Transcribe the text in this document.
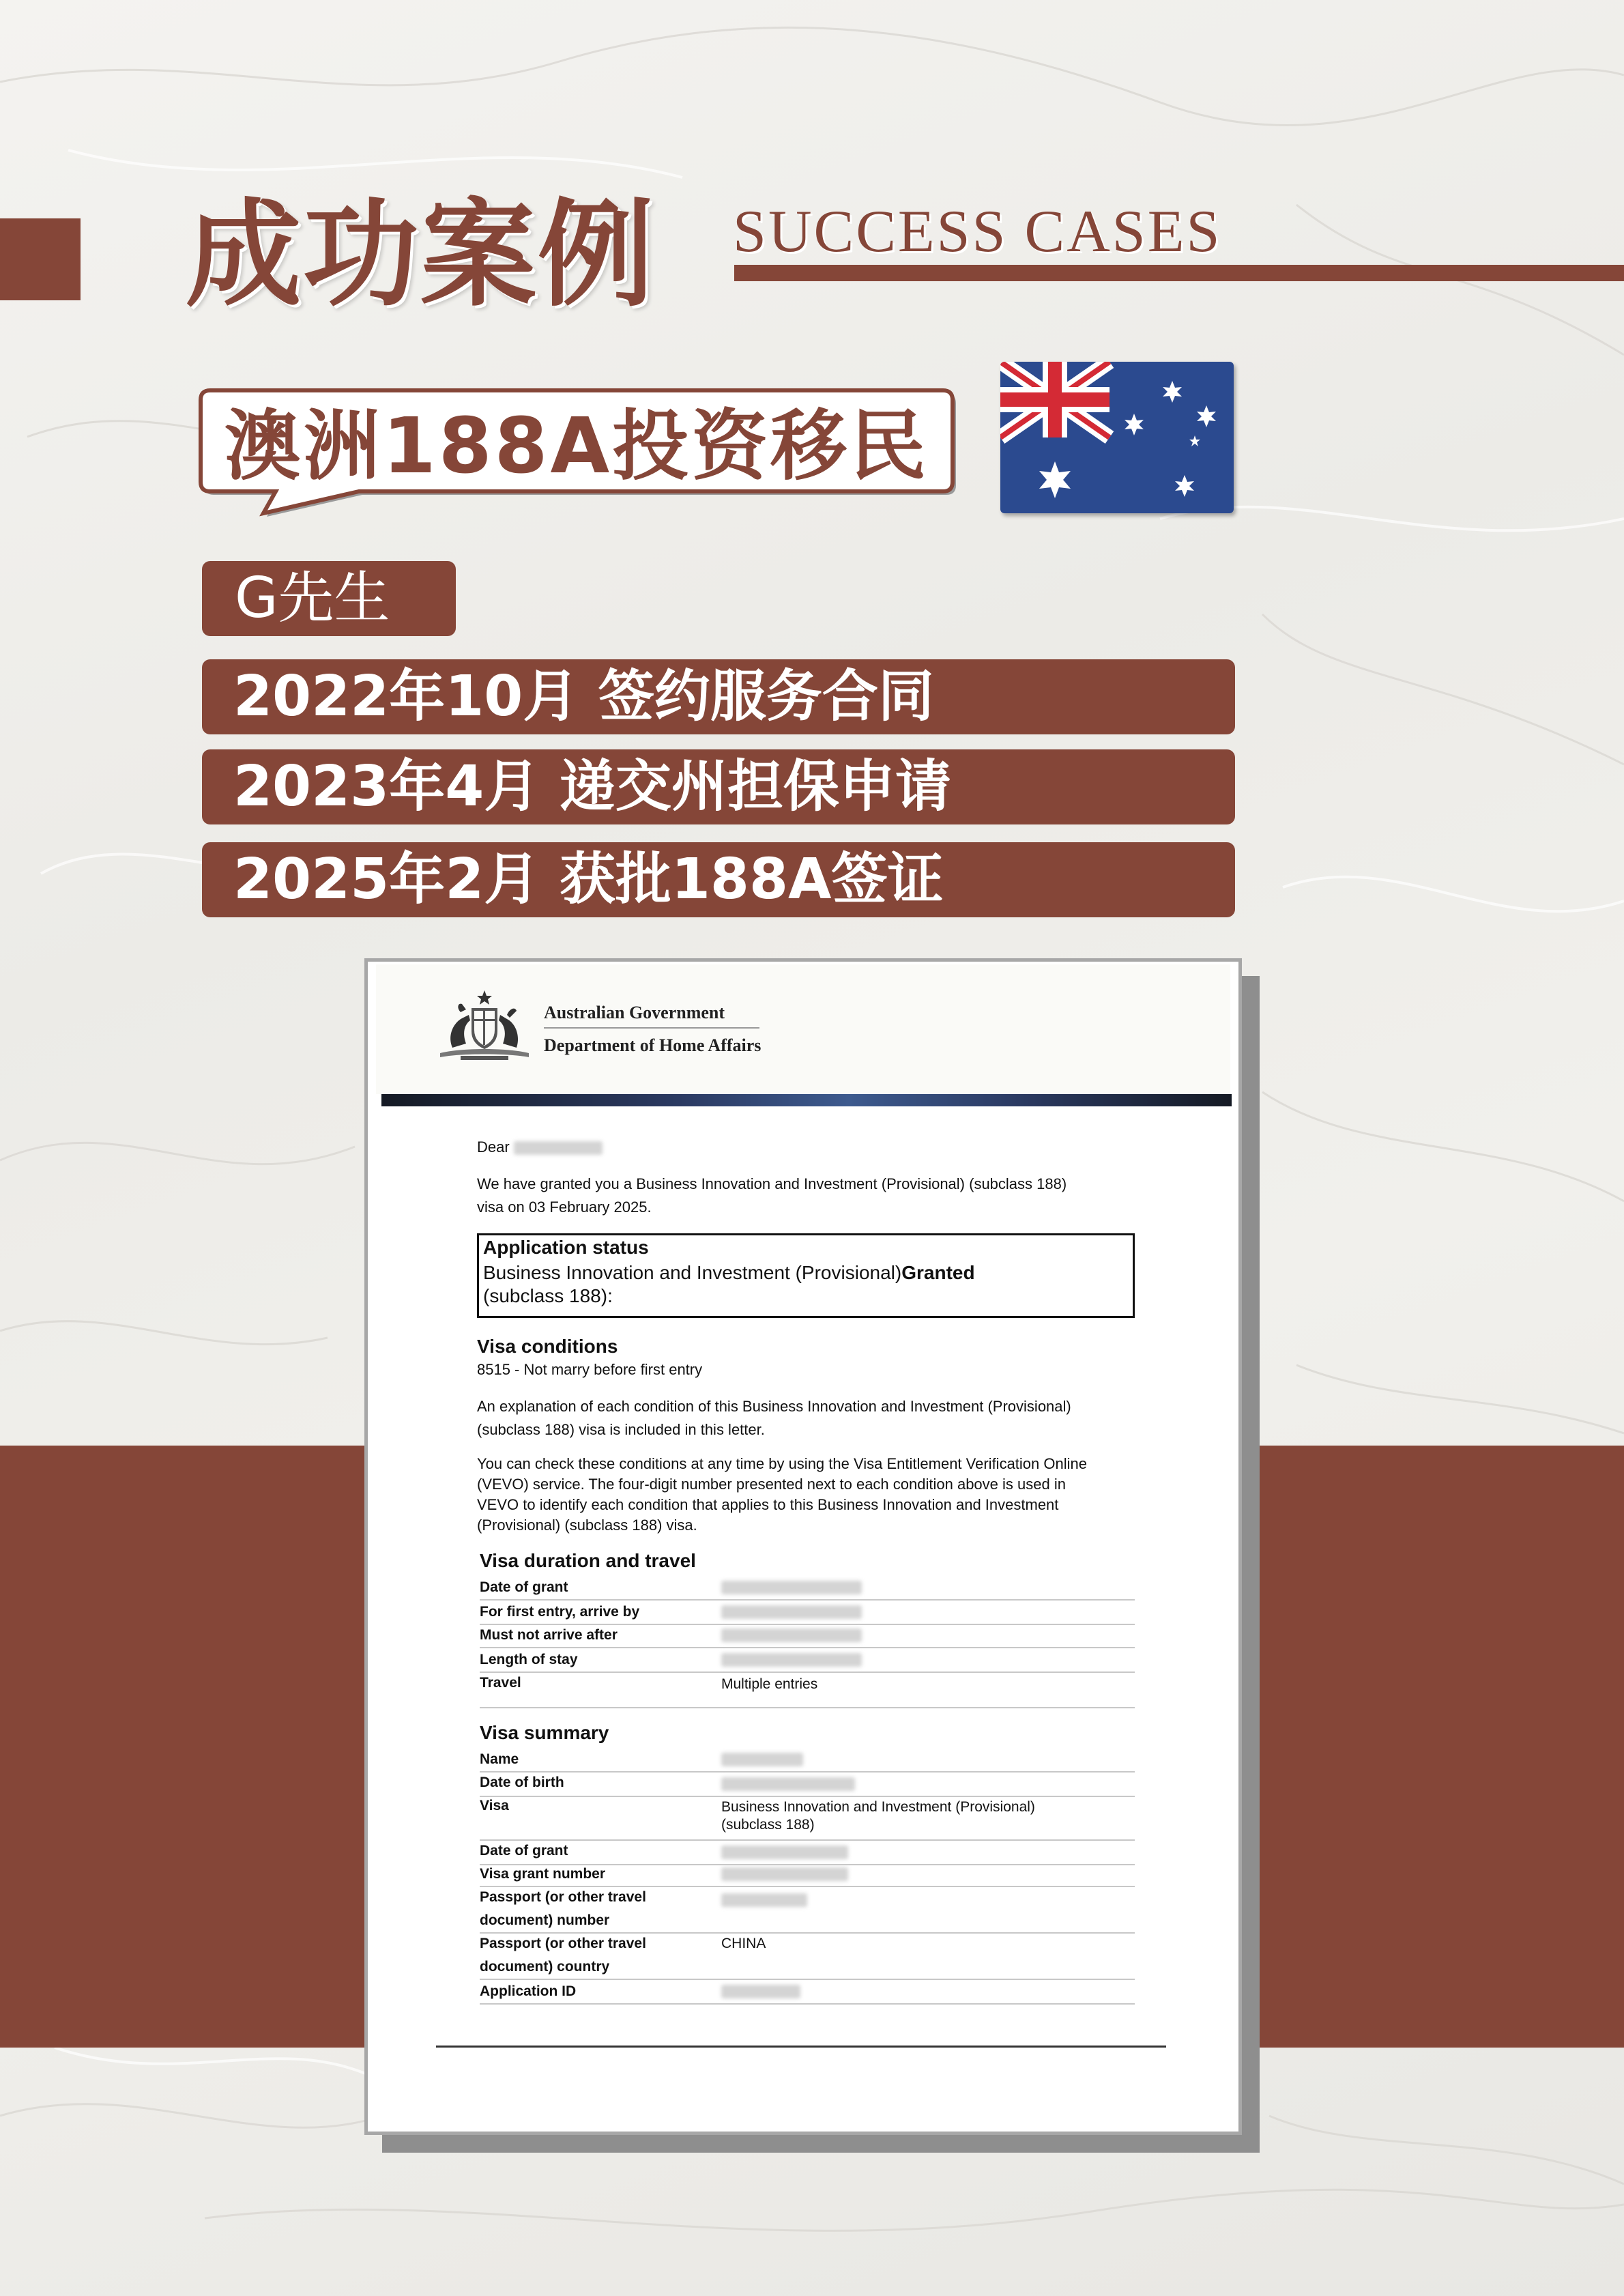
成功案例 SUCCESS CASES
澳洲188A投资移民
G先生
2022年10月 签约服务合同
2023年4月 递交州担保申请
2025年2月 获批188A签证
Australian Government
Department of Home Affairs
Dear
We have granted you a Business Innovation and Investment (Provisional) (subclass 188)
visa on 03 February 2025.
Application status
Business Innovation and Investment (Provisional)Granted
(subclass 188):
Visa conditions
8515 - Not marry before first entry
An explanation of each condition of this Business Innovation and Investment (Provisional)
(subclass 188) visa is included in this letter.
You can check these conditions at any time by using the Visa Entitlement Verification Online
(VEVO) service. The four-digit number presented next to each condition above is used in
VEVO to identify each condition that applies to this Business Innovation and Investment
(Provisional) (subclass 188) visa.
Visa duration and travel
Date of grant
For first entry, arrive by
Must not arrive after
Length of stay
Travel	Multiple entries
Visa summary
Name
Date of birth
Visa	Business Innovation and Investment (Provisional)
(subclass 188)
Date of grant
Visa grant number
Passport (or other travel
document) number
Passport (or other travel
document) country
CHINA
Application ID
